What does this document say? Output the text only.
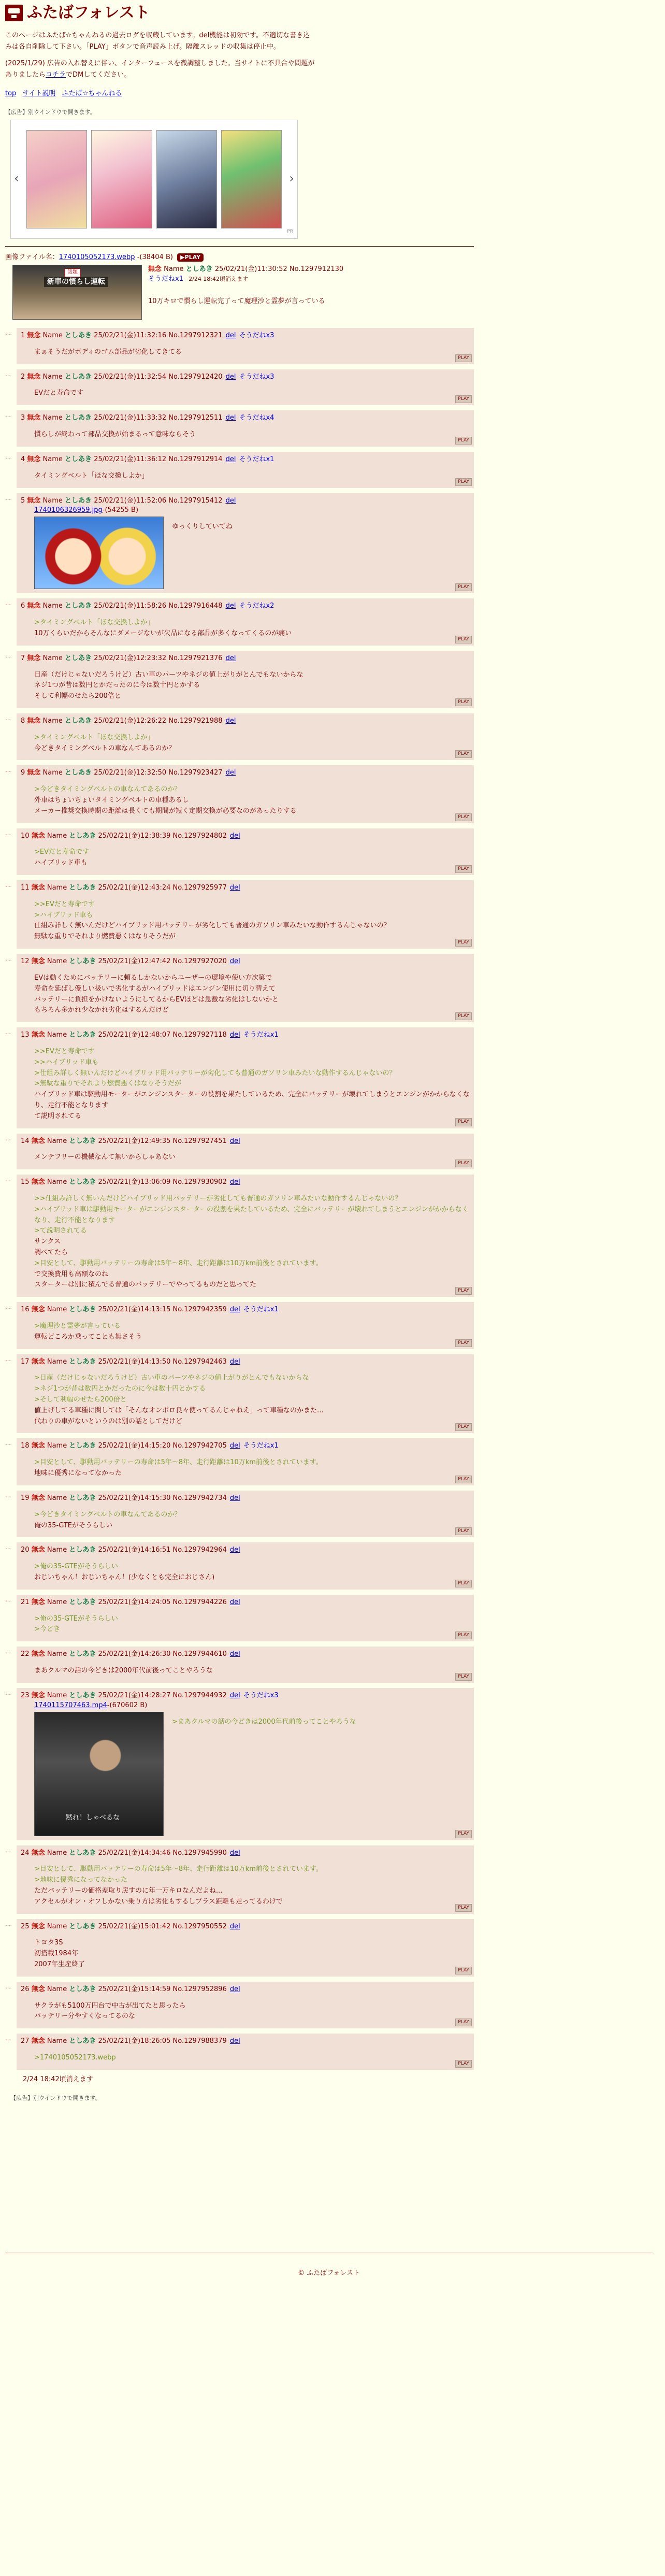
ふたばフォレスト

このページはふたば☆ちゃんねるの過去ログを収蔵しています。del機能は初効です。不適切な書き込みは各自削除して下さい。「PLAY」ボタンで音声読み上げ。隔離スレッドの収集は停止中。

(2025/1/29) 広告の入れ替えに伴い、インターフェースを微調整しました。当サイトに不具合や問題がありましたらコチラでDMしてください。

top サイト説明 ふたば☆ちゃんねる
【広告】別ウインドウで開きます。
‹	›
PR
画像ファイル名：1740105052173.webp -(38404 B) ▶PLAY
話題
新車の慣らし運転
無念 Name としあき 25/02/21(金)11:30:52 No.1297912130
そうだねx1 2/24 18:42頃消えます
10万キロで慣らし運転完了って魔理沙と霊夢が言っている
…	1 無念 Name としあき 25/02/21(金)11:32:16 No.1297912321 del そうだねx3
まぁそうだがボディのゴム部品が劣化してきてる

PLAY
…	2 無念 Name としあき 25/02/21(金)11:32:54 No.1297912420 del そうだねx3
EVだと寿命です

PLAY
…	3 無念 Name としあき 25/02/21(金)11:33:32 No.1297912511 del そうだねx4
慣らしが終わって部品交換が始まるって意味ならそう

PLAY
…	4 無念 Name としあき 25/02/21(金)11:36:12 No.1297912914 del そうだねx1
タイミングベルト「ほな交換しよか」

PLAY
…	5 無念 Name としあき 25/02/21(金)11:52:06 No.1297915412 del
1740106326959.jpg-(54255 B)
ゆっくりしていてね

PLAY
…	6 無念 Name としあき 25/02/21(金)11:58:26 No.1297916448 del そうだねx2
>タイミングベルト「ほな交換しよか」
10万くらいだからそんなにダメージないが欠品になる部品が多くなってくるのが痛い

PLAY
…	7 無念 Name としあき 25/02/21(金)12:23:32 No.1297921376 del
日産（だけじゃないだろうけど）古い車のパーツやネジの値上がりがとんでもないからな
ネジ1つが昔は数円とかだったのに今は数十円とかする
そして利幅のせたら200倍と

PLAY
…	8 無念 Name としあき 25/02/21(金)12:26:22 No.1297921988 del
>タイミングベルト「ほな交換しよか」
今どきタイミングベルトの車なんてあるのか？

PLAY
…	9 無念 Name としあき 25/02/21(金)12:32:50 No.1297923427 del
>今どきタイミングベルトの車なんてあるのか？
外車はちょいちょいタイミングベルトの車種あるし
メーカー推奨交換時期の距離は長くても期間が短く定期交換が必要なのがあったりする

PLAY
…	10 無念 Name としあき 25/02/21(金)12:38:39 No.1297924802 del
>EVだと寿命です
ハイブリッド車も

PLAY
…	11 無念 Name としあき 25/02/21(金)12:43:24 No.1297925977 del
>>EVだと寿命です
>ハイブリッド車も
仕組み詳しく無いんだけどハイブリッド用バッテリーが劣化しても普通のガソリン車みたいな動作するんじゃないの？
無駄な重りでそれより燃費悪くはなりそうだが

PLAY
…	12 無念 Name としあき 25/02/21(金)12:47:42 No.1297927020 del
EVは動くためにバッテリーに頼るしかないからユーザーの環境や使い方次第で
寿命を延ばし優しい扱いで劣化するがハイブリッドはエンジン使用に切り替えて
バッテリーに負担をかけないようにしてるからEVほどは急激な劣化はしないかと
もちろん多かれ少なかれ劣化はするんだけど

PLAY
…	13 無念 Name としあき 25/02/21(金)12:48:07 No.1297927118 del そうだねx1
>>EVだと寿命です
>>ハイブリッド車も
>仕組み詳しく無いんだけどハイブリッド用バッテリーが劣化しても普通のガソリン車みたいな動作するんじゃないの？
>無駄な重りでそれより燃費悪くはなりそうだが
ハイブリッド車は駆動用モーターがエンジンスターターの役割を果たしているため、完全にバッテリーが壊れてしまうとエンジンがかからなくなり、走行不能となります
て説明されてる

PLAY
…	14 無念 Name としあき 25/02/21(金)12:49:35 No.1297927451 del
メンテフリーの機械なんて無いからしゃあない

PLAY
…	15 無念 Name としあき 25/02/21(金)13:06:09 No.1297930902 del
>>仕組み詳しく無いんだけどハイブリッド用バッテリーが劣化しても普通のガソリン車みたいな動作するんじゃないの？
>ハイブリッド車は駆動用モーターがエンジンスターターの役割を果たしているため、完全にバッテリーが壊れてしまうとエンジンがかからなくなり、走行不能となります
>て説明されてる
サンクス
調べてたら
>目安として、駆動用バッテリーの寿命は5年〜8年、走行距離は10万km前後とされています。
で交換費用も高額なのね
スターターは別に積んでる普通のバッテリーでやってるものだと思ってた

PLAY
…	16 無念 Name としあき 25/02/21(金)14:13:15 No.1297942359 del そうだねx1
>魔理沙と霊夢が言っている
運転どころか乗ってことも無さそう

PLAY
…	17 無念 Name としあき 25/02/21(金)14:13:50 No.1297942463 del
>日産（だけじゃないだろうけど）古い車のパーツやネジの値上がりがとんでもないからな
>ネジ1つが昔は数円とかだったのに今は数十円とかする
>そして利幅のせたら200倍と
値上げしてる車種に関しては「そんなオンボロ良々使ってるんじゃねえ」って車種なのかまた…
代わりの車がないというのは別の話としてだけど

PLAY
…	18 無念 Name としあき 25/02/21(金)14:15:20 No.1297942705 del そうだねx1
>目安として、駆動用バッテリーの寿命は5年〜8年、走行距離は10万km前後とされています。
地味に優秀になってなかった

PLAY
…	19 無念 Name としあき 25/02/21(金)14:15:30 No.1297942734 del
>今どきタイミングベルトの車なんてあるのか？
俺の35-GTEがそうらしい

PLAY
…	20 無念 Name としあき 25/02/21(金)14:16:51 No.1297942964 del
>俺の35-GTEがそうらしい
おじいちゃん！おじいちゃん！(少なくとも完全におじさん)

PLAY
…	21 無念 Name としあき 25/02/21(金)14:24:05 No.1297944226 del
>俺の35-GTEがそうらしい
>今どき

PLAY
…	22 無念 Name としあき 25/02/21(金)14:26:30 No.1297944610 del
まあクルマの話の今どきは2000年代前後ってことやろうな

PLAY
…	23 無念 Name としあき 25/02/21(金)14:28:27 No.1297944932 del そうだねx3
1740115707463.mp4-(670602 B)
黙れ！しゃべるな
>まあクルマの話の今どきは2000年代前後ってことやろうな

PLAY
…	24 無念 Name としあき 25/02/21(金)14:34:46 No.1297945990 del
>目安として、駆動用バッテリーの寿命は5年〜8年、走行距離は10万km前後とされています。
>地味に優秀になってなかった
ただバッテリーの価格差取り戻すのに年一万キロなんだよね...
アクセルがオン・オフしかない乗り方は劣化もするしプラス距離も走ってるわけで

PLAY
…	25 無念 Name としあき 25/02/21(金)15:01:42 No.1297950552 del
トヨタ3S
初搭載1984年
2007年生産終了

PLAY
…	26 無念 Name としあき 25/02/21(金)15:14:59 No.1297952896 del
サクラがも5100万円台で中古が出てたと思ったら
バッテリー分やすくなってるのな

PLAY
…	27 無念 Name としあき 25/02/21(金)18:26:05 No.1297988379 del
>1740105052173.webp

PLAY
2/24 18:42頃消えます
【広告】別ウインドウで開きます。
© ふたばフォレスト
